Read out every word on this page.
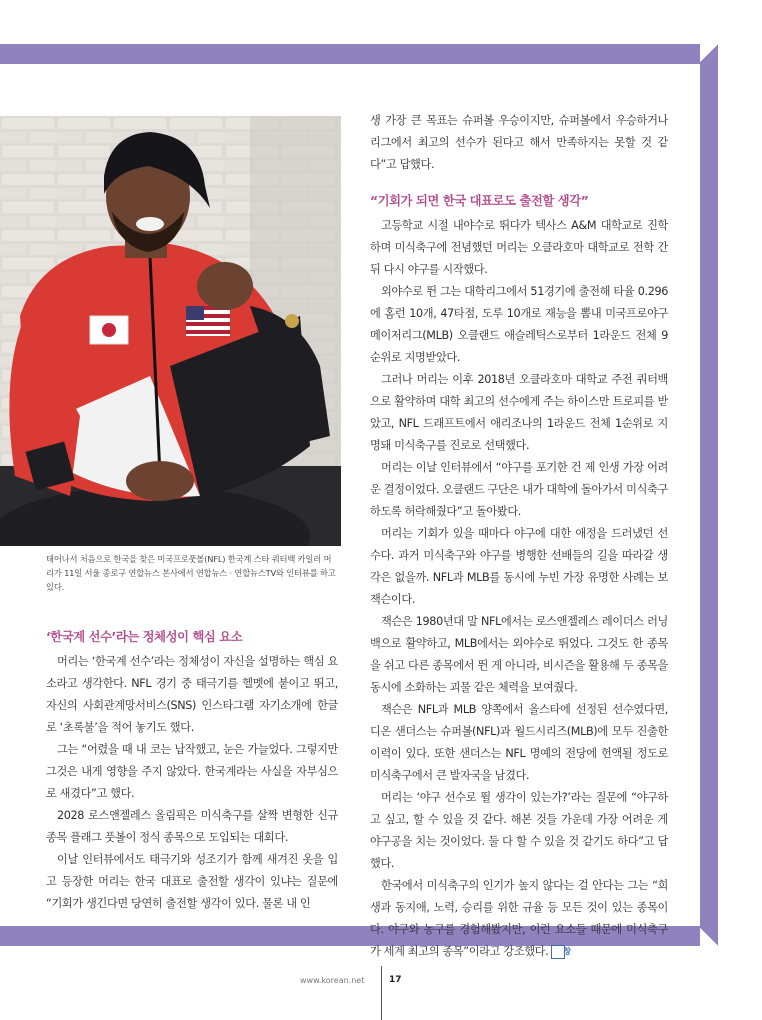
태어나서 처음으로 한국을 찾은 미국프로풋볼(NFL) 한국계 스타 쿼터백 카일러 머리가 11일 서울 종로구 연합뉴스 본사에서 연합뉴스 · 연합뉴스TV와 인터뷰를 하고 있다.
‘한국계 선수’라는 정체성이 핵심 요소

머리는 ‘한국계 선수’라는 정체성이 자신을 설명하는 핵심 요소라고 생각한다. NFL 경기 중 태극기를 헬멧에 붙이고 뛰고, 자신의 사회관계망서비스(SNS) 인스타그램 자기소개에 한글로 ‘초록불’을 적어 놓기도 했다.

그는 “어렸을 때 내 코는 납작했고, 눈은 가늘었다. 그렇지만 그것은 내게 영향을 주지 않았다. 한국계라는 사실을 자부심으로 새겼다”고 했다.

2028 로스앤젤레스 올림픽은 미식축구를 살짝 변형한 신규 종목 플래그 풋볼이 정식 종목으로 도입되는 대회다.

이날 인터뷰에서도 태극기와 성조기가 함께 새겨진 옷을 입고 등장한 머리는 한국 대표로 출전할 생각이 있냐는 질문에 “기회가 생긴다면 당연히 출전할 생각이 있다. 물론 내 인

생 가장 큰 목표는 슈퍼볼 우승이지만, 슈퍼볼에서 우승하거나 리그에서 최고의 선수가 된다고 해서 만족하지는 못할 것 같다”고 답했다.

“기회가 되면 한국 대표로도 출전할 생각”

고등학교 시절 내야수로 뛰다가 텍사스 A&M 대학교로 진학하며 미식축구에 전념했던 머리는 오클라호마 대학교로 전학 간 뒤 다시 야구를 시작했다.

외야수로 뛴 그는 대학리그에서 51경기에 출전해 타율 0.296에 홈런 10개, 47타점, 도루 10개로 재능을 뽐내 미국프로야구 메이저리그(MLB) 오클랜드 애슬레틱스로부터 1라운드 전체 9순위로 지명받았다.

그러나 머리는 이후 2018년 오클라호마 대학교 주전 쿼터백으로 활약하며 대학 최고의 선수에게 주는 하이스만 트로피를 받았고, NFL 드래프트에서 애리조나의 1라운드 전체 1순위로 지명돼 미식축구를 진로로 선택했다.

머리는 이날 인터뷰에서 “야구를 포기한 건 제 인생 가장 어려운 결정이었다. 오클랜드 구단은 내가 대학에 돌아가서 미식축구하도록 허락해줬다”고 돌아봤다.

머리는 기회가 있을 때마다 야구에 대한 애정을 드러냈던 선수다. 과거 미식축구와 야구를 병행한 선배들의 길을 따라갈 생각은 없을까. NFL과 MLB를 동시에 누빈 가장 유명한 사례는 보 잭슨이다.

잭슨은 1980년대 말 NFL에서는 로스앤젤레스 레이더스 러닝백으로 활약하고, MLB에서는 외야수로 뛰었다. 그것도 한 종목을 쉬고 다른 종목에서 뛴 게 아니라, 비시즌을 활용해 두 종목을 동시에 소화하는 괴물 같은 체력을 보여줬다.

잭슨은 NFL과 MLB 양쪽에서 올스타에 선정된 선수였다면, 디온 샌더스는 슈퍼볼(NFL)과 월드시리즈(MLB)에 모두 진출한 이력이 있다. 또한 샌더스는 NFL 명예의 전당에 헌액될 정도로 미식축구에서 큰 발자국을 남겼다.

머리는 ‘야구 선수로 뛸 생각이 있는가?’라는 질문에 “야구하고 싶고, 할 수 있을 것 같다. 해본 것들 가운데 가장 어려운 게 야구공을 치는 것이었다. 둘 다 할 수 있을 것 같기도 하다”고 답했다.

한국에서 미식축구의 인기가 높지 않다는 걸 안다는 그는 “희생과 동지애, 노력, 승리를 위한 규율 등 모든 것이 있는 종목이다. 야구와 농구를 경험해봤지만, 이런 요소들 때문에 미식축구가 세계 최고의 종목”이라고 강조했다. 창

www.korean.net	17
